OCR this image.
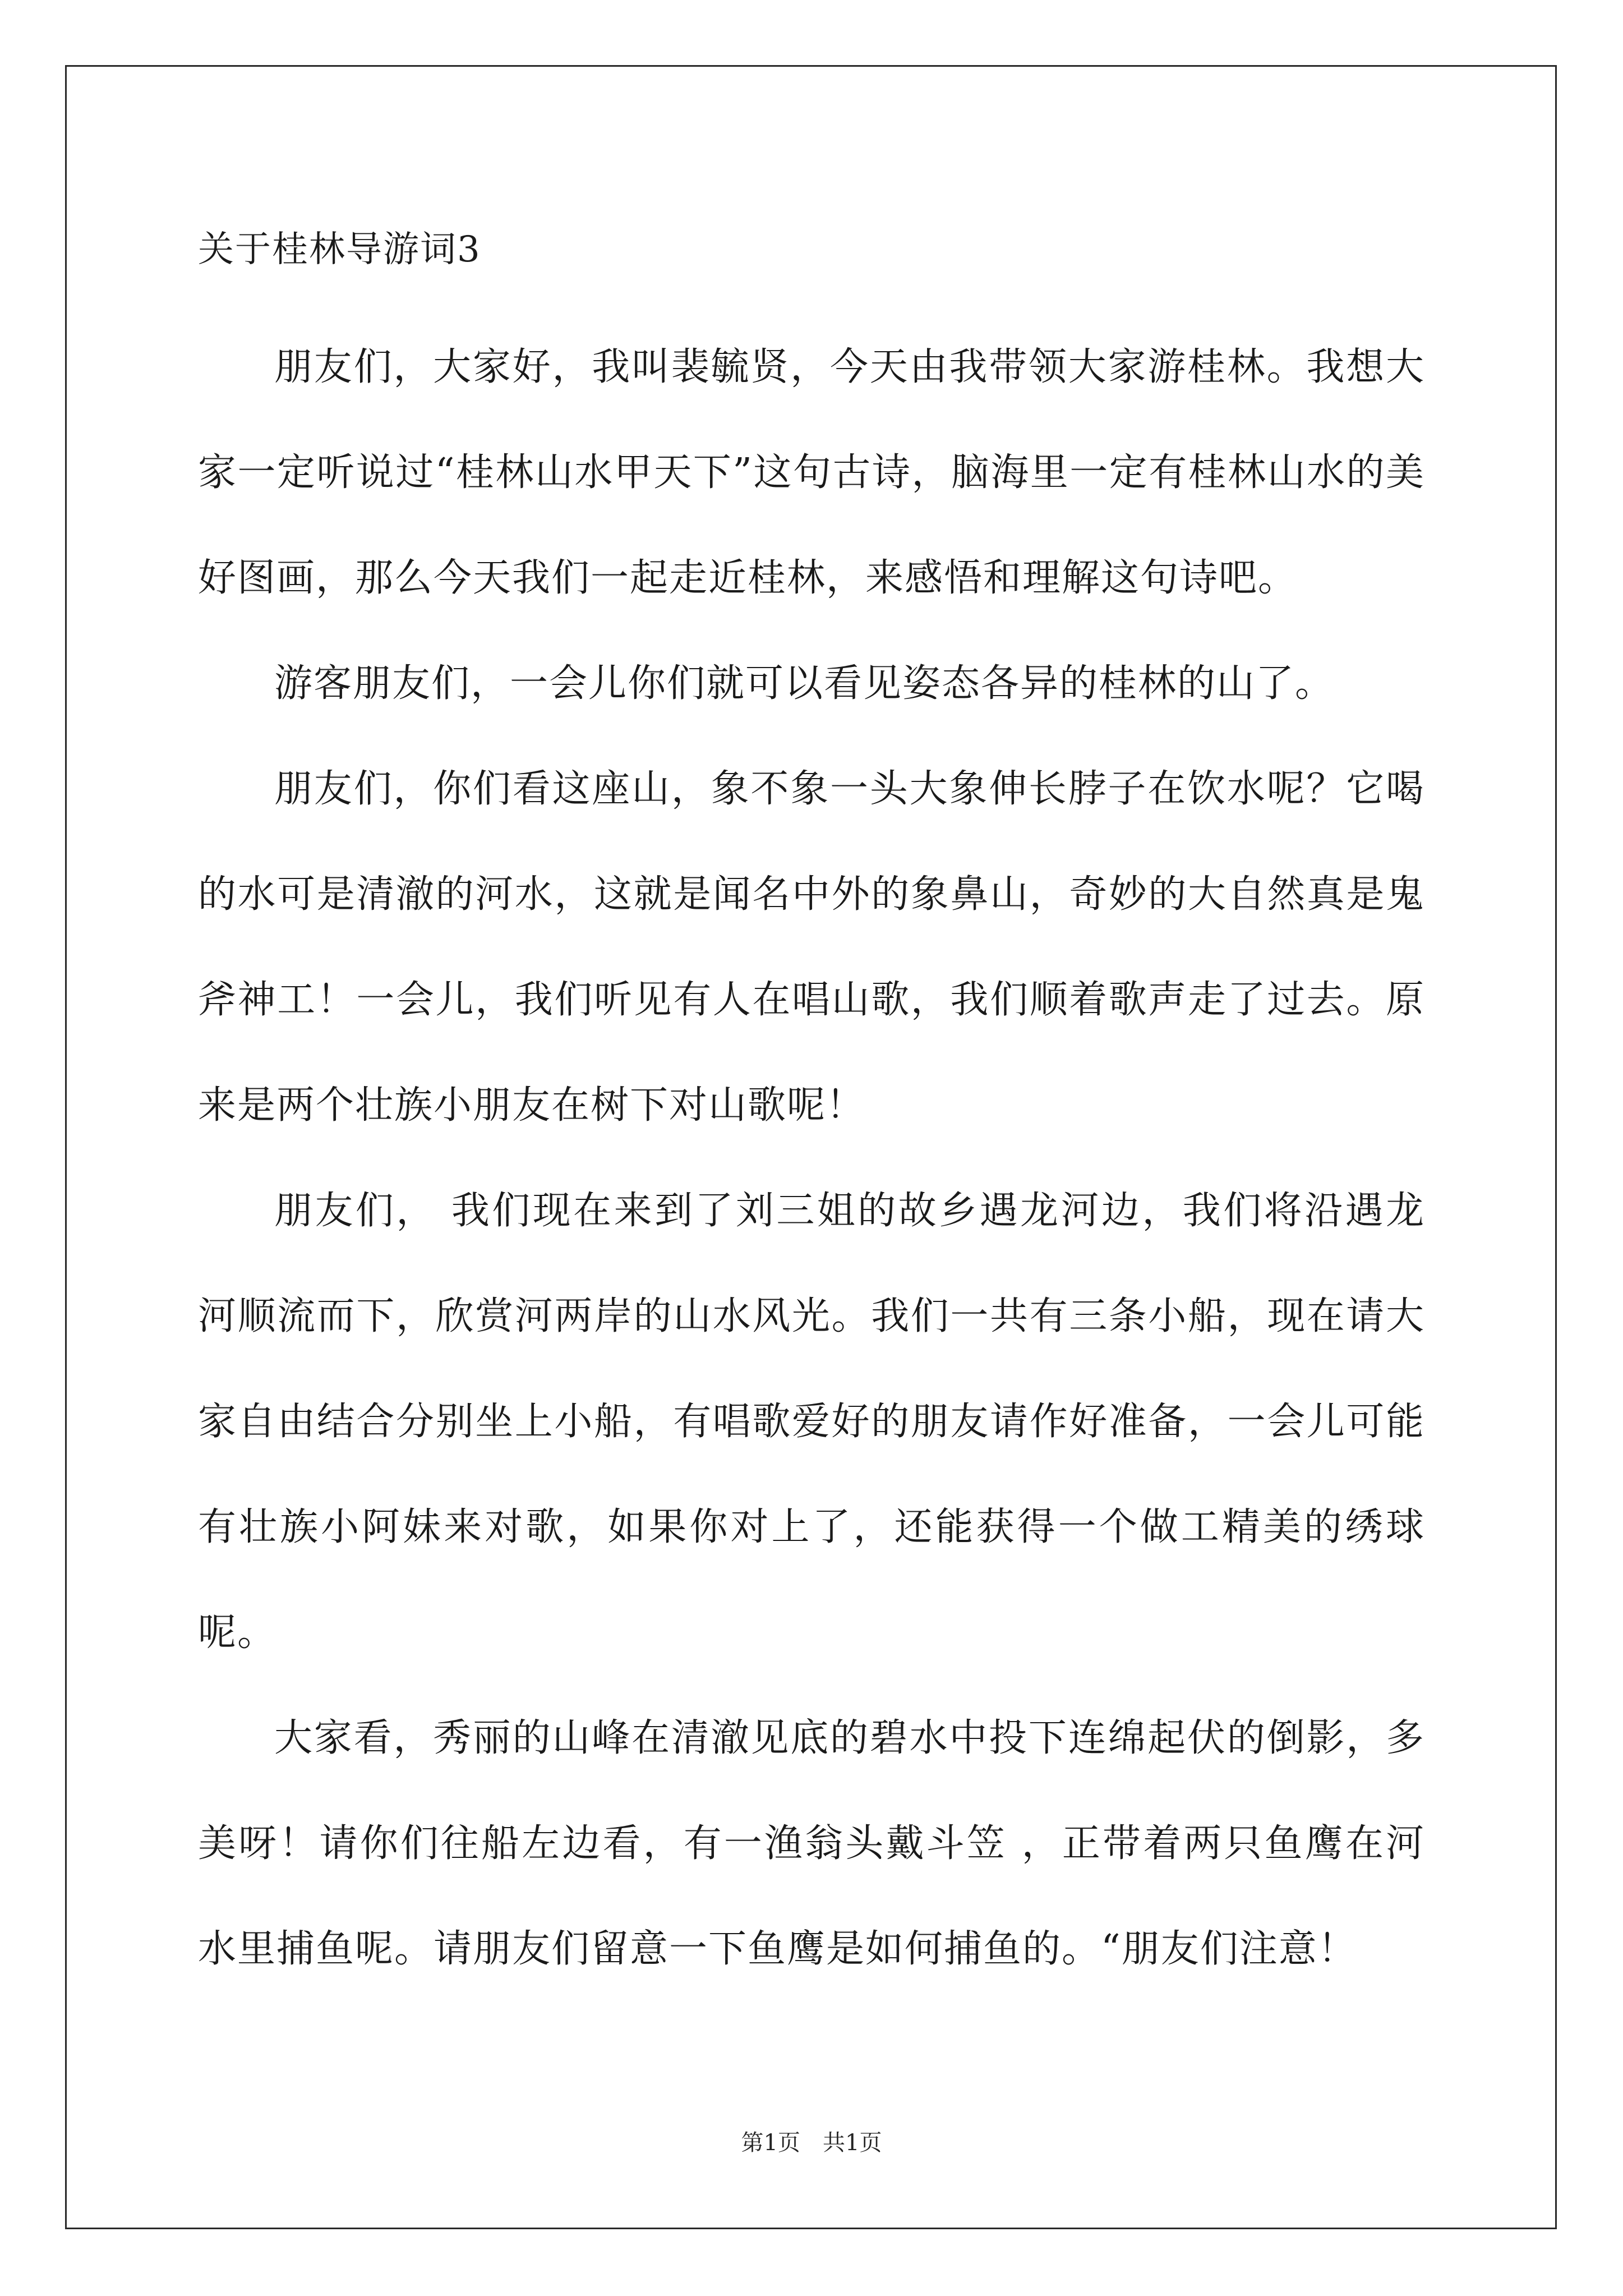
关于桂林导游词3

朋友们，大家好，我叫裴毓贤，今天由我带领大家游桂林。我想大家一定听说过“桂林山水甲天下”这句古诗，脑海里一定有桂林山水的美好图画，那么今天我们一起走近桂林，来感悟和理解这句诗吧。

游客朋友们，一会儿你们就可以看见姿态各异的桂林的山了。

朋友们，你们看这座山，象不象一头大象伸长脖子在饮水呢？它喝的水可是清澈的河水，这就是闻名中外的象鼻山，奇妙的大自然真是鬼斧神工！一会儿，我们听见有人在唱山歌，我们顺着歌声走了过去。原来是两个壮族小朋友在树下对山歌呢！

朋友们， 我们现在来到了刘三姐的故乡遇龙河边，我们将沿遇龙河顺流而下，欣赏河两岸的山水风光。我们一共有三条小船，现在请大家自由结合分别坐上小船，有唱歌爱好的朋友请作好准备，一会儿可能有壮族小阿妹来对歌，如果你对上了，还能获得一个做工精美的绣球呢。

大家看，秀丽的山峰在清澈见底的碧水中投下连绵起伏的倒影，多美呀！请你们往船左边看，有一渔翁头戴斗笠 ，正带着两只鱼鹰在河水里捕鱼呢。请朋友们留意一下鱼鹰是如何捕鱼的。“朋友们注意！

第1页 共1页
